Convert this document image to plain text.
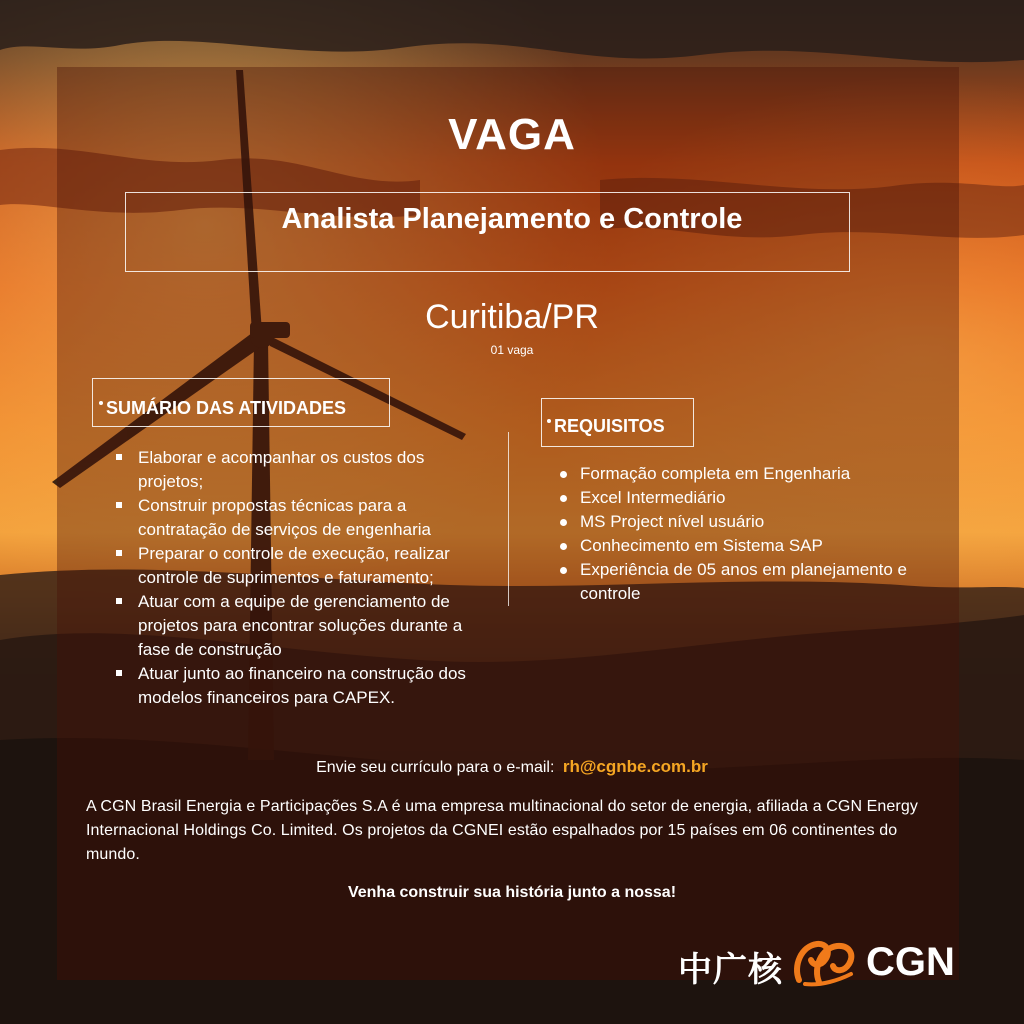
VAGA
Analista Planejamento e Controle
Curitiba/PR
01 vaga
SUMÁRIO DAS ATIVIDADES
REQUISITOS
Elaborar e acompanhar os custos dos projetos;
Construir propostas técnicas para a contratação de serviços de engenharia
Preparar o controle de execução, realizar controle de suprimentos e faturamento;
Atuar com a equipe de gerenciamento de projetos para encontrar soluções durante a fase de construção
Atuar junto ao financeiro na construção dos modelos financeiros para CAPEX.
Formação completa em Engenharia
Excel Intermediário
MS Project nível usuário
Conhecimento em Sistema SAP
Experiência de 05 anos em planejamento e controle
Envie seu currículo para o e-mail: rh@cgnbe.com.br
A CGN Brasil Energia e Participações S.A é uma empresa multinacional do setor de energia, afiliada a CGN Energy Internacional Holdings Co. Limited. Os projetos da CGNEI estão espalhados por 15 países em 06 continentes do mundo.
Venha construir sua história junto a nossa!
中广核 CGN
